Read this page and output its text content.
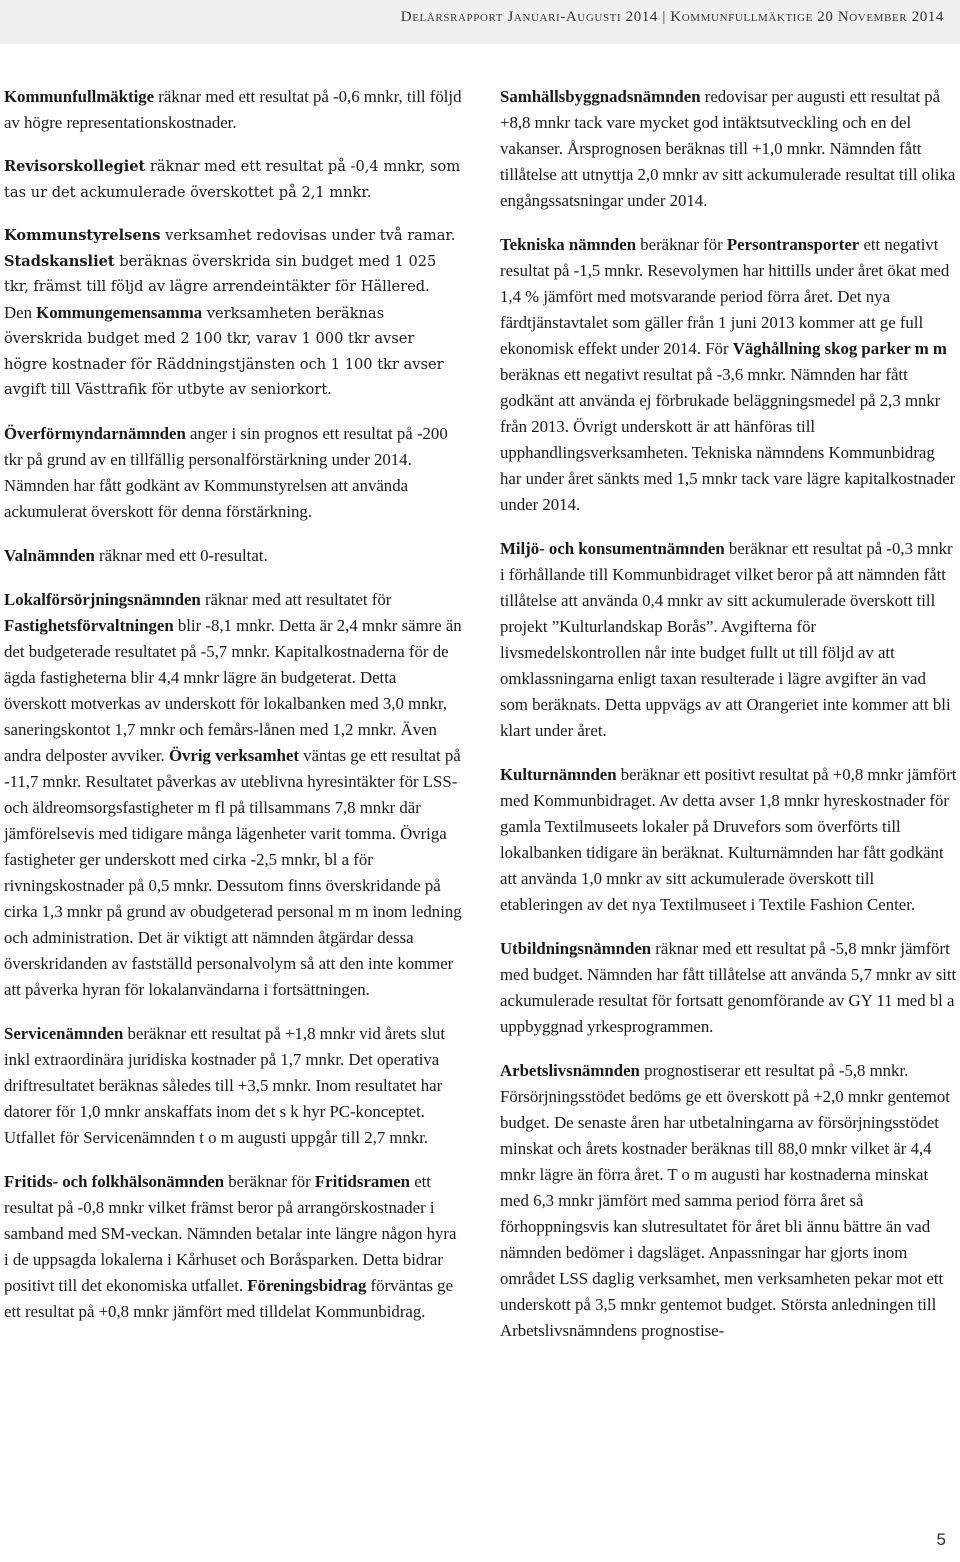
Delårsrapport Januari-Augusti 2014 | Kommunfullmäktige 20 November 2014

Kommunfullmäktige räknar med ett resultat på -0,6 mnkr, till följd av högre representationskostnader.

Revisorskollegiet räknar med ett resultat på -0,4 mnkr, som tas ur det ackumulerade överskottet på 2,1 mnkr.

Kommunstyrelsens verksamhet redovisas under två ramar. Stadskansliet beräknas överskrida sin budget med 1 025 tkr, främst till följd av lägre arrendeintäkter för Hällered. Den Kommungemensamma verksamheten beräknas överskrida budget med 2 100 tkr, varav 1 000 tkr avser högre kostnader för Räddningstjänsten och 1 100 tkr avser avgift till Västtrafik för utbyte av seniorkort.

Överförmyndarnämnden anger i sin prognos ett resultat på -200 tkr på grund av en tillfällig personalförstärkning under 2014. Nämnden har fått godkänt av Kommunstyrelsen att använda ackumulerat överskott för denna förstärkning.

Valnämnden räknar med ett 0-resultat.

Lokalförsörjningsnämnden räknar med att resultatet för Fastighetsförvaltningen blir -8,1 mnkr. Detta är 2,4 mnkr sämre än det budgeterade resultatet på -5,7 mnkr. Kapitalkostnaderna för de ägda fastigheterna blir 4,4 mnkr lägre än budgeterat. Detta överskott motverkas av underskott för lokalbanken med 3,0 mnkr, saneringskontot 1,7 mnkr och femårs-lånen med 1,2 mnkr. Även andra delposter avviker. Övrig verksamhet väntas ge ett resultat på -11,7 mnkr. Resultatet påverkas av uteblivna hyresintäkter för LSS- och äldreomsorgsfastigheter m fl på tillsammans 7,8 mnkr där jämförelsevis med tidigare många lägenheter varit tomma. Övriga fastigheter ger underskott med cirka -2,5 mnkr, bl a för rivningskostnader på 0,5 mnkr. Dessutom finns överskridande på cirka 1,3 mnkr på grund av obudgeterad personal m m inom ledning och administration. Det är viktigt att nämnden åtgärdar dessa överskridanden av fastställd personalvolym så att den inte kommer att påverka hyran för lokalanvändarna i fortsättningen.

Servicenämnden beräknar ett resultat på +1,8 mnkr vid årets slut inkl extraordinära juridiska kostnader på 1,7 mnkr. Det operativa driftresultatet beräknas således till +3,5 mnkr. Inom resultatet har datorer för 1,0 mnkr anskaffats inom det s k hyr PC-konceptet. Utfallet för Servicenämnden t o m augusti uppgår till 2,7 mnkr.

Fritids- och folkhälsonämnden beräknar för Fritidsramen ett resultat på -0,8 mnkr vilket främst beror på arrangörskostnader i samband med SM-veckan. Nämnden betalar inte längre någon hyra i de uppsagda lokalerna i Kårhuset och Boråsparken. Detta bidrar positivt till det ekonomiska utfallet. Föreningsbidrag förväntas ge ett resultat på +0,8 mnkr jämfört med tilldelat Kommunbidrag.

Samhällsbyggnadsnämnden redovisar per augusti ett resultat på +8,8 mnkr tack vare mycket god intäktsutveckling och en del vakanser. Årsprognosen beräknas till +1,0 mnkr. Nämnden fått tillåtelse att utnyttja 2,0 mnkr av sitt ackumulerade resultat till olika engångssatsningar under 2014.

Tekniska nämnden beräknar för Persontransporter ett negativt resultat på -1,5 mnkr. Resevolymen har hittills under året ökat med 1,4 % jämfört med motsvarande period förra året. Det nya färdtjänstavtalet som gäller från 1 juni 2013 kommer att ge full ekonomisk effekt under 2014. För Väghållning skog parker m m beräknas ett negativt resultat på -3,6 mnkr. Nämnden har fått godkänt att använda ej förbrukade beläggningsmedel på 2,3 mnkr från 2013. Övrigt underskott är att hänföras till upphandlingsverksamheten. Tekniska nämndens Kommunbidrag har under året sänkts med 1,5 mnkr tack vare lägre kapitalkostnader under 2014.

Miljö- och konsumentnämnden beräknar ett resultat på -0,3 mnkr i förhållande till Kommunbidraget vilket beror på att nämnden fått tillåtelse att använda 0,4 mnkr av sitt ackumulerade överskott till projekt ”Kulturlandskap Borås”. Avgifterna för livsmedelskontrollen når inte budget fullt ut till följd av att omklassningarna enligt taxan resulterade i lägre avgifter än vad som beräknats. Detta uppvägs av att Orangeriet inte kommer att bli klart under året.

Kulturnämnden beräknar ett positivt resultat på +0,8 mnkr jämfört med Kommunbidraget. Av detta avser 1,8 mnkr hyreskostnader för gamla Textilmuseets lokaler på Druvefors som överförts till lokalbanken tidigare än beräknat. Kulturnämnden har fått godkänt att använda 1,0 mnkr av sitt ackumulerade överskott till etableringen av det nya Textilmuseet i Textile Fashion Center.

Utbildningsnämnden räknar med ett resultat på -5,8 mnkr jämfört med budget. Nämnden har fått tillåtelse att använda 5,7 mnkr av sitt ackumulerade resultat för fortsatt genomförande av GY 11 med bl a uppbyggnad yrkesprogrammen.

Arbetslivsnämnden prognostiserar ett resultat på -5,8 mnkr. Försörjningsstödet bedöms ge ett överskott på +2,0 mnkr gentemot budget. De senaste åren har utbetalningarna av försörjningsstödet minskat och årets kostnader beräknas till 88,0 mnkr vilket är 4,4 mnkr lägre än förra året. T o m augusti har kostnaderna minskat med 6,3 mnkr jämfört med samma period förra året så förhoppningsvis kan slutresultatet för året bli ännu bättre än vad nämnden bedömer i dagsläget. Anpassningar har gjorts inom området LSS daglig verksamhet, men verksamheten pekar mot ett underskott på 3,5 mnkr gentemot budget. Största anledningen till Arbetslivsnämndens prognostise-

5
